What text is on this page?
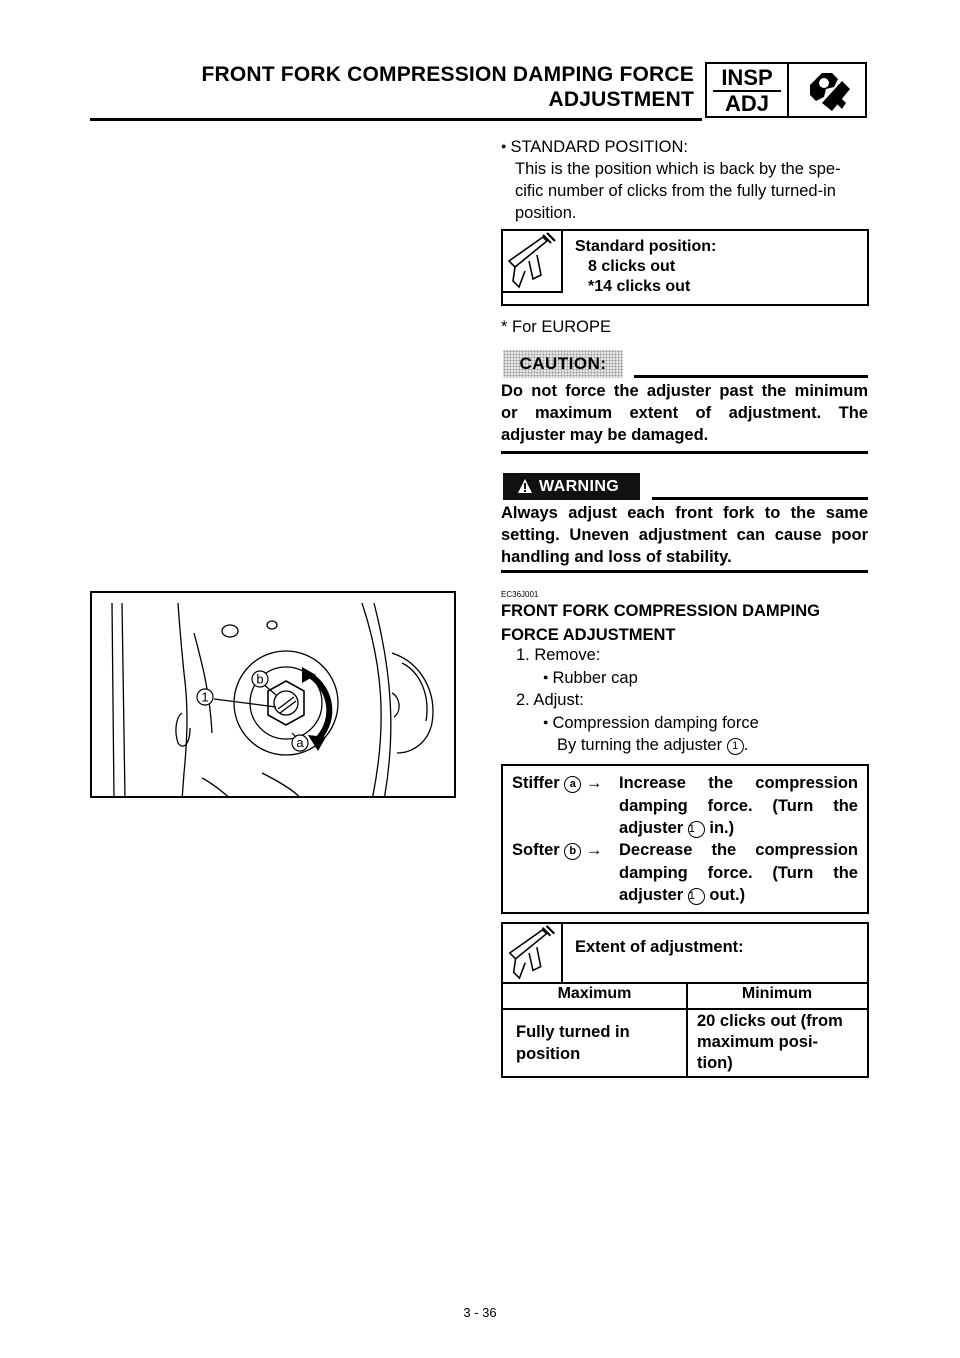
FRONT FORK COMPRESSION DAMPING FORCE
ADJUSTMENT
INSP
ADJ
● STANDARD POSITION:
This is the position which is back by the spe-
cific number of clicks from the fully turned-in
position.
Standard position:
8 clicks out
*14 clicks out
* For EUROPE
CAUTION:
Do not force the adjuster past the minimum
or maximum extent of adjustment. The
adjuster may be damaged.
WARNING
Always adjust each front fork to the same
setting. Uneven adjustment can cause poor
handling and loss of stability.
1
b
a
EC36J001
FRONT FORK COMPRESSION DAMPING
FORCE ADJUSTMENT
1. Remove:
● Rubber cap
2. Adjust:
● Compression damping force
By turning the adjuster 1 .
Stiffer a → Increase the compression
damping force. (Turn the
adjuster 1 in.)
Softer b → Decrease the compression
damping force. (Turn the
adjuster 1 out.)
Extent of adjustment:
Maximum	Minimum
Fully turned in
position
20 clicks out (from
maximum posi-
tion)
3 - 36
